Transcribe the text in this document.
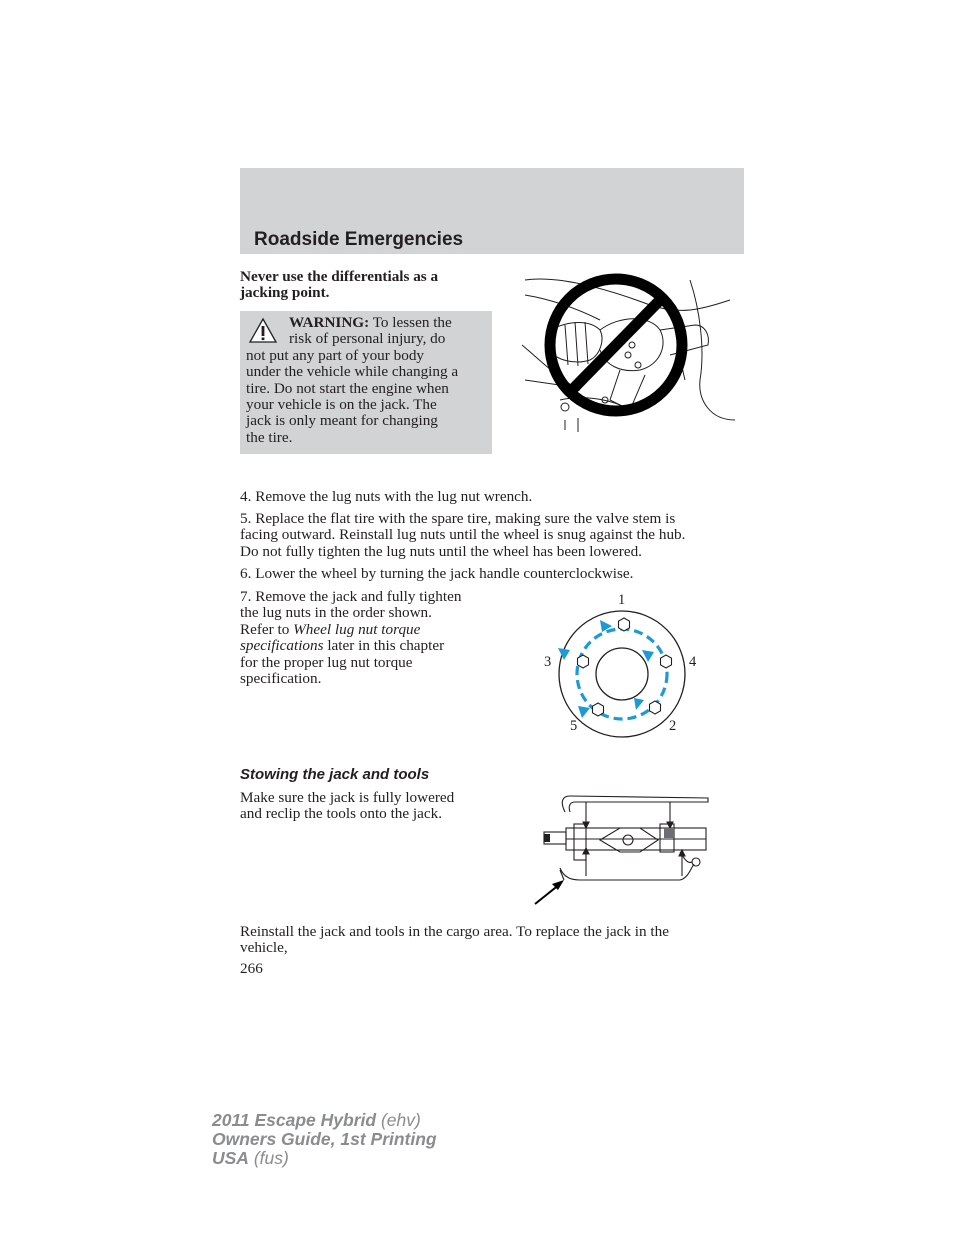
Roadside Emergencies
Never use the differentials as a
jacking point.
WARNING: To lessen the
risk of personal injury, do
not put any part of your body
under the vehicle while changing a
tire. Do not start the engine when
your vehicle is on the jack. The
jack is only meant for changing
the tire.
4. Remove the lug nuts with the lug nut wrench.
5. Replace the flat tire with the spare tire, making sure the valve stem is
facing outward. Reinstall lug nuts until the wheel is snug against the hub.
Do not fully tighten the lug nuts until the wheel has been lowered.
6. Lower the wheel by turning the jack handle counterclockwise.
7. Remove the jack and fully tighten
the lug nuts in the order shown.
Refer to Wheel lug nut torque
specifications later in this chapter
for the proper lug nut torque
specification.
1
2
3	4
5
Stowing the jack and tools
Make sure the jack is fully lowered
and reclip the tools onto the jack.
Reinstall the jack and tools in the cargo area. To replace the jack in the
vehicle,
266
2011 Escape Hybrid (ehv)
Owners Guide, 1st Printing
USA (fus)
